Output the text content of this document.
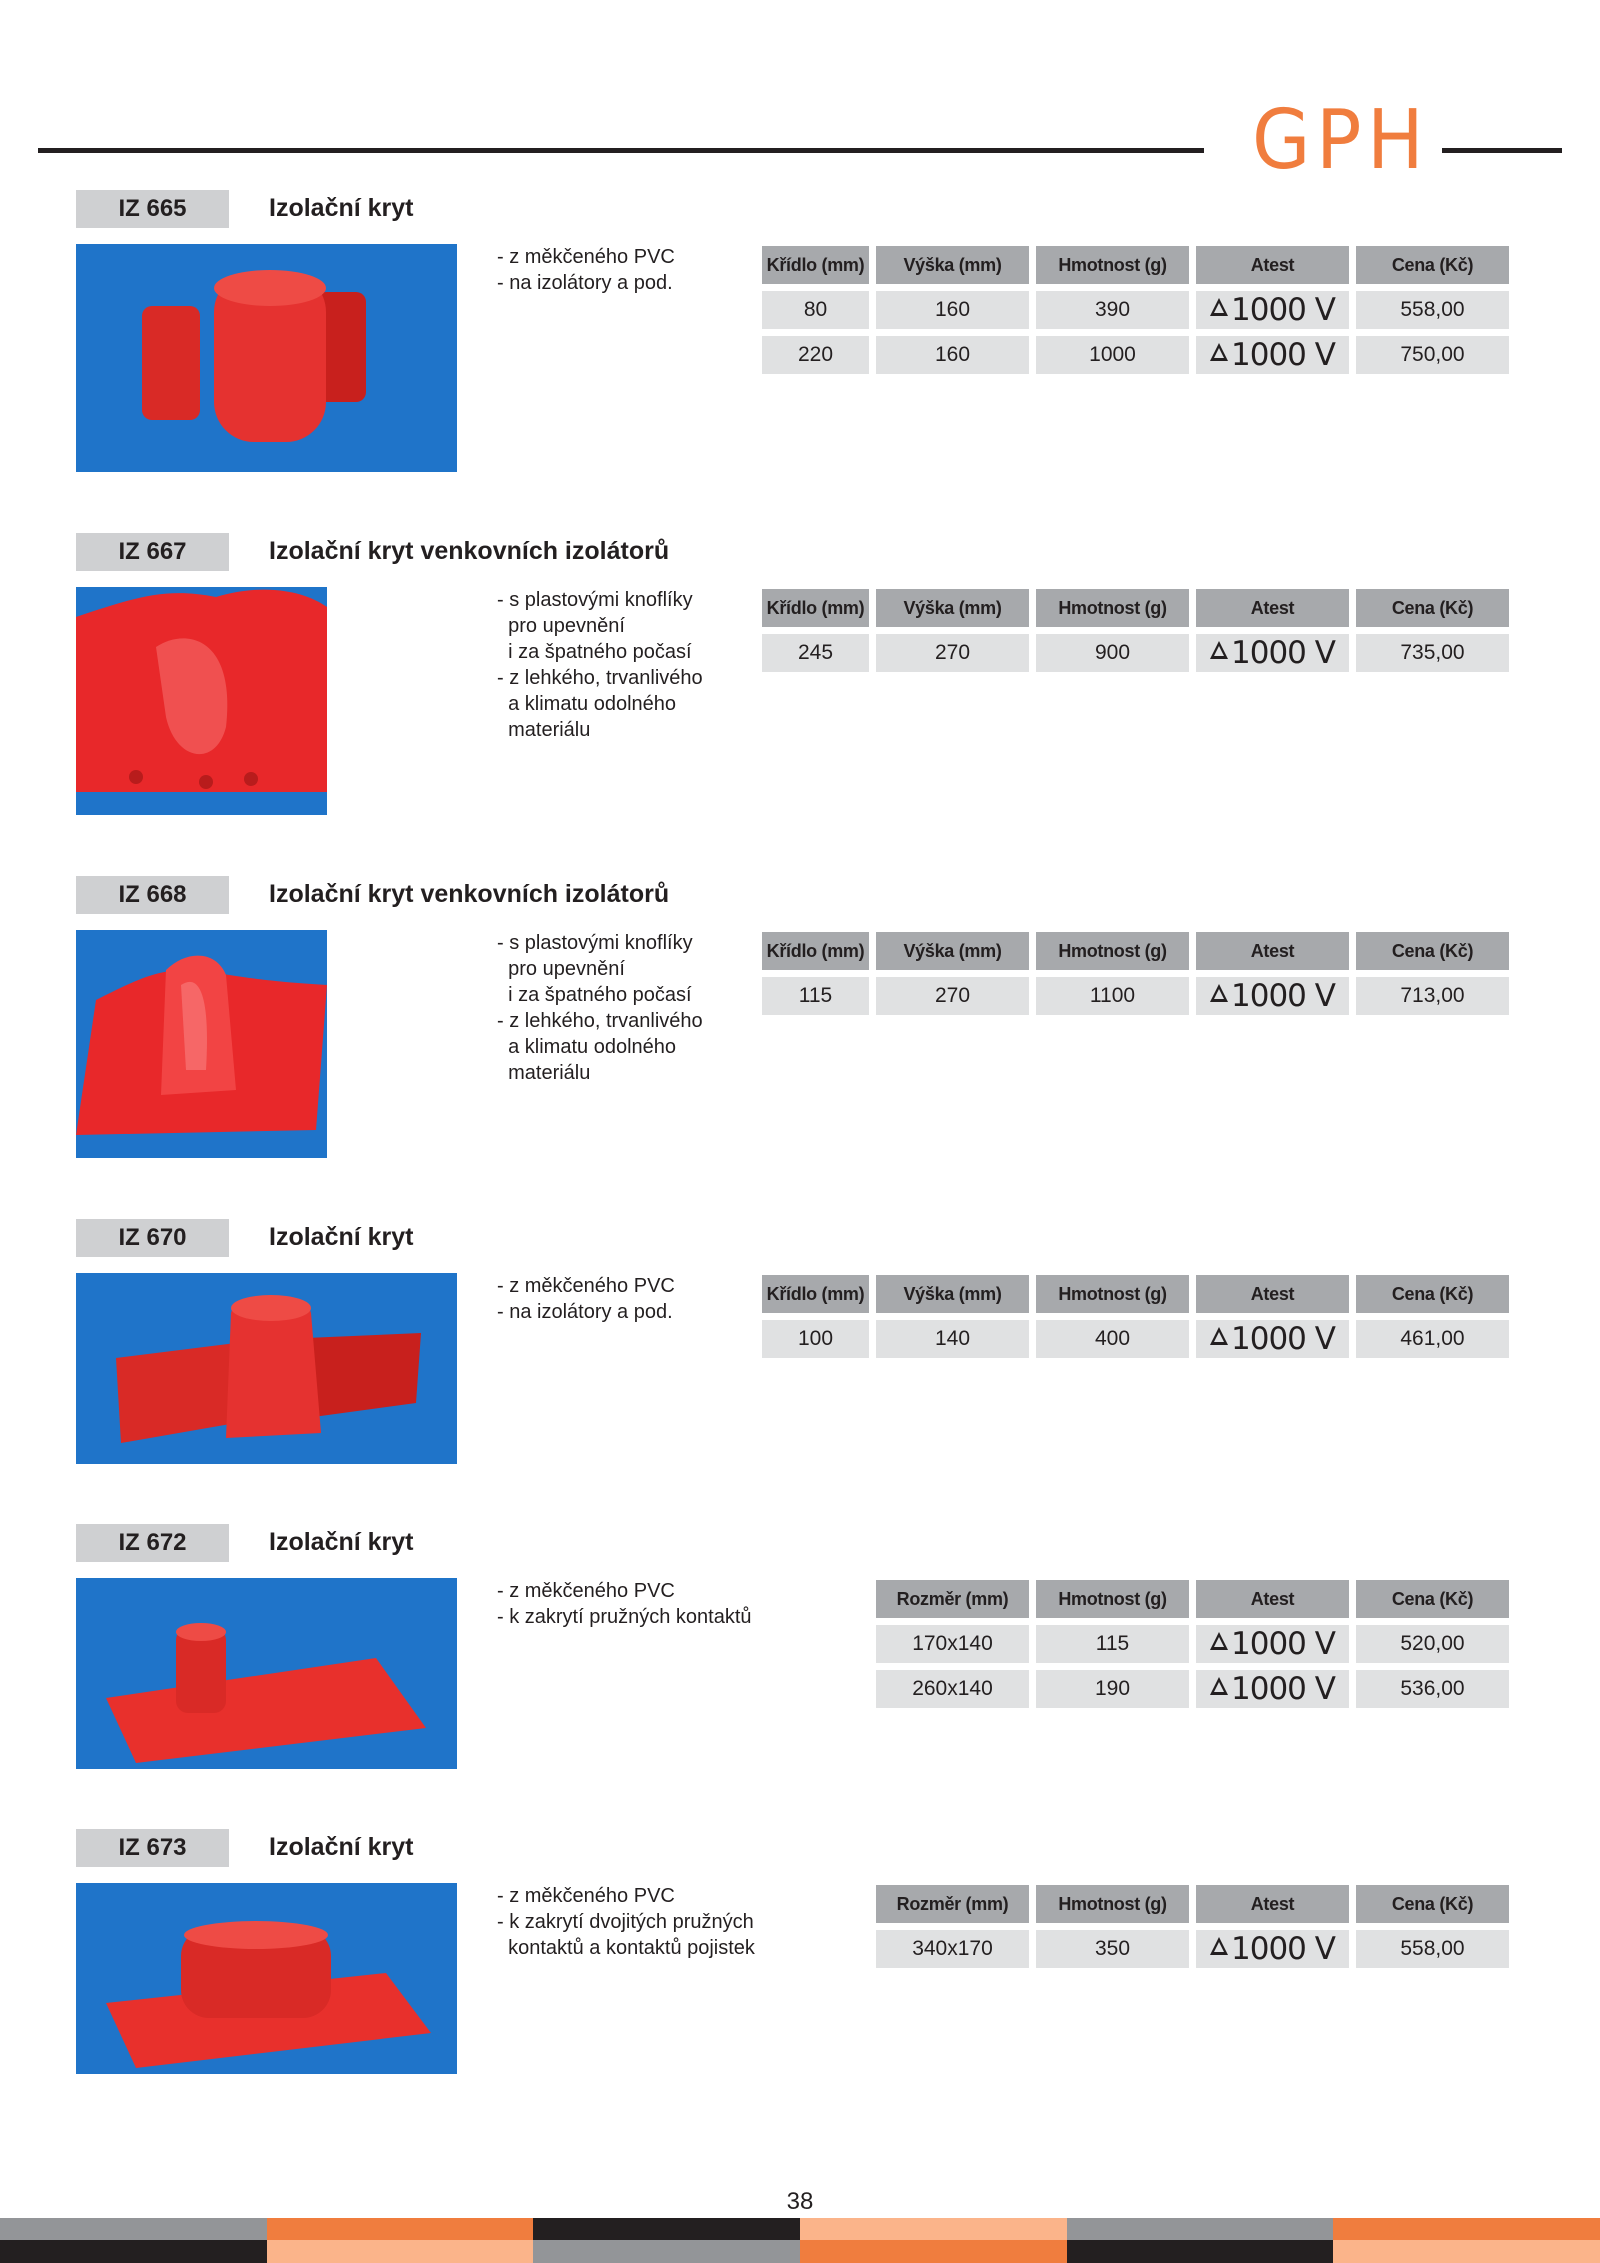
GPH
IZ 665	Izolační kryt
- z měkčeného PVC
- na izolátory a pod.
Křídlo (mm)	Výška (mm)	Hmotnost (g)	Atest	Cena (Kč)
80	160	390	1000 V	558,00
220	160	1000	1000 V	750,00
IZ 667	Izolační kryt venkovních izolátorů
- s plastovými knoflíky
pro upevnění
i za špatného počasí
- z lehkého, trvanlivého
a klimatu odolného
materiálu
Křídlo (mm)	Výška (mm)	Hmotnost (g)	Atest	Cena (Kč)
245	270	900	1000 V	735,00
IZ 668	Izolační kryt venkovních izolátorů
- s plastovými knoflíky
pro upevnění
i za špatného počasí
- z lehkého, trvanlivého
a klimatu odolného
materiálu
Křídlo (mm)	Výška (mm)	Hmotnost (g)	Atest	Cena (Kč)
115	270	1100	1000 V	713,00
IZ 670	Izolační kryt
- z měkčeného PVC
- na izolátory a pod.
Křídlo (mm)	Výška (mm)	Hmotnost (g)	Atest	Cena (Kč)
100	140	400	1000 V	461,00
IZ 672	Izolační kryt
- z měkčeného PVC
- k zakrytí pružných kontaktů
Rozměr (mm)	Hmotnost (g)	Atest	Cena (Kč)
170x140	115	1000 V	520,00
260x140	190	1000 V	536,00
IZ 673	Izolační kryt
- z měkčeného PVC
- k zakrytí dvojitých pružných
kontaktů a kontaktů pojistek
Rozměr (mm)	Hmotnost (g)	Atest	Cena (Kč)
340x170	350	1000 V	558,00
38
